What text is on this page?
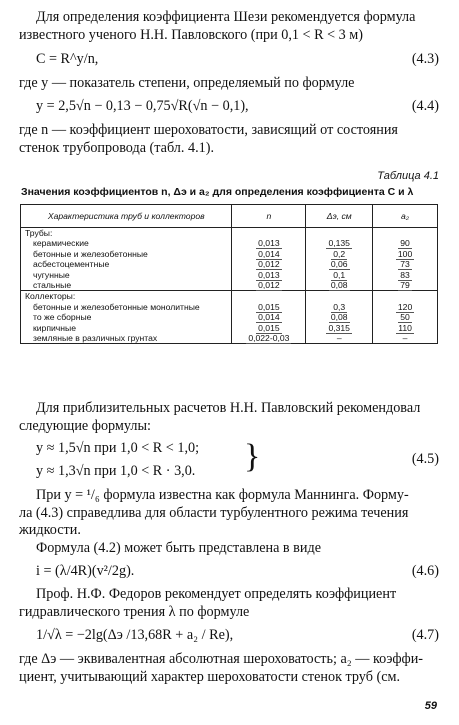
Для определения коэффициента Шези рекомендуется формула
известного ученого Н.Н. Павловского (при 0,1 < R < 3 м)
C = R^y/n,	(4.3)
где y — показатель степени, определяемый по формуле
y = 2,5√n − 0,13 − 0,75√R(√n − 0,1),	(4.4)
где n — коэффициент шероховатости, зависящий от состояния
стенок трубопровода (табл. 4.1).
Таблица 4.1
Значения коэффициентов n, Δэ и a₂ для определения коэффициента C и λ
Характеристика труб и коллекторов	n	Δэ, см	a₂
Трубы:			
керамические	0,013	0,135	90
бетонные и железобетонные	0,014	0,2	100
асбестоцементные	0,012	0,06	73
чугунные	0,013	0,1	83
стальные	0,012	0,08	79
Коллекторы:			
бетонные и железобетонные монолитные	0,015	0,3	120
то же сборные	0,014	0,08	50
кирпичные	0,015	0,315	110
земляные в различных грунтах	0,022-0,03	–	–
Для приблизительных расчетов Н.Н. Павловский рекомендовал
следующие формулы:
y ≈ 1,5√n при 1,0 < R < 1,0;
y ≈ 1,3√n при 1,0 < R · 3,0. }	(4.5)
При y = ¹/₆ формула известна как формула Маннинга. Форму-
ла (4.3) справедлива для области турбулентного режима течения
жидкости.
Формула (4.2) может быть представлена в виде
i = (λ/4R)(v²/2g).	(4.6)
Проф. Н.Ф. Федоров рекомендует определять коэффициент
гидравлического трения λ по формуле
1/√λ = −2lg(Δэ /13,68R + a₂ / Re),	(4.7)
где Δэ — эквивалентная абсолютная шероховатость; a₂ — коэффи-
циент, учитывающий характер шероховатости стенок труб (см.
59
